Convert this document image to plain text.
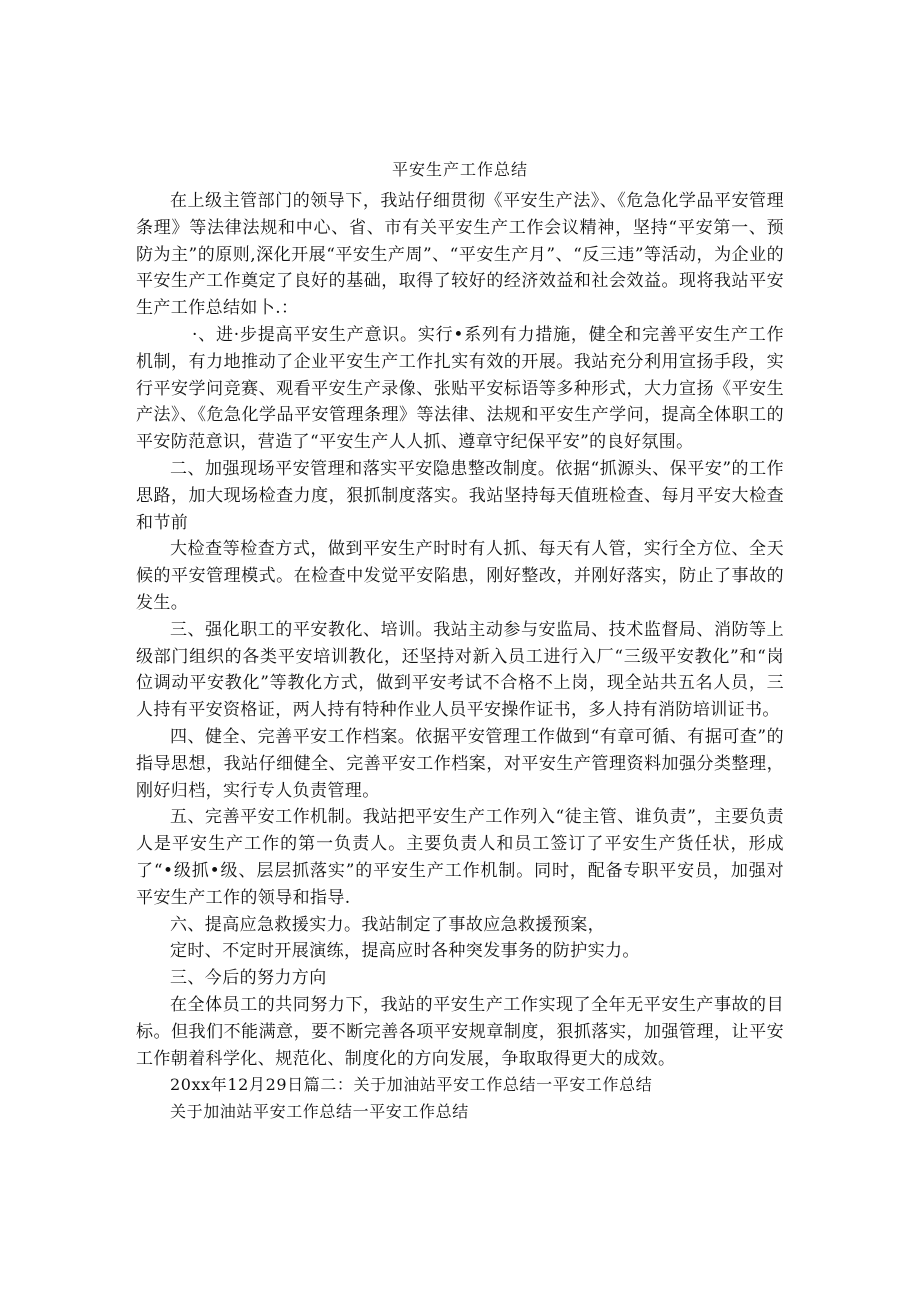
平安生产工作总结

在上级主管部门的领导下，我站仔细贯彻《平安生产法》、《危急化学品平安管理条理》等法律法规和中心、省、市有关平安生产工作会议精神，坚持“平安第一、预防为主”的原则,深化开展“平安生产周”、“平安生产月”、“反三违”等活动，为企业的平安生产工作奠定了良好的基础，取得了较好的经济效益和社会效益。现将我站平安生产工作总结如卜.：

·、进·步提高平安生产意识。实行•系列有力措施，健全和完善平安生产工作机制，有力地推动了企业平安生产工作扎实有效的开展。我站充分利用宣扬手段，实行平安学问竞赛、观看平安生产录像、张贴平安标语等多种形式，大力宣扬《平安生产法》、《危急化学品平安管理条理》等法律、法规和平安生产学问，提高全体职工的平安防范意识，营造了“平安生产人人抓、遵章守纪保平安”的良好氛围。

二、加强现场平安管理和落实平安隐患整改制度。依据“抓源头、保平安”的工作思路，加大现场检查力度，狠抓制度落实。我站坚持每天值班检查、每月平安大检查和节前

大检查等检查方式，做到平安生产时时有人抓、每天有人管，实行全方位、全天候的平安管理模式。在检查中发觉平安陷患，刚好整改，并刚好落实，防止了事故的发生。

三、强化职工的平安教化、培训。我站主动参与安监局、技术监督局、消防等上级部门组织的各类平安培训教化，还坚持对新入员工进行入厂“三级平安教化”和“岗位调动平安教化”等教化方式，做到平安考试不合格不上岗，现全站共五名人员，三人持有平安资格证，两人持有特种作业人员平安操作证书，多人持有消防培训证书。

四、健全、完善平安工作档案。依据平安管理工作做到“有章可循、有据可查”的指导思想，我站仔细健全、完善平安工作档案，对平安生产管理资料加强分类整理，刚好归档，实行专人负责管理。

五、完善平安工作机制。我站把平安生产工作列入“徒主管、谁负责”，主要负责人是平安生产工作的第一负责人。主要负责人和员工签订了平安生产货任状，形成了“•级抓•级、层层抓落实”的平安生产工作机制。同时，配备专职平安员，加强对平安生产工作的领导和指导.

六、提高应急救援实力。我站制定了事故应急救援预案，

定时、不定时开展演练，提高应时各种突发事务的防护实力。

三、今后的努力方向

在全体员工的共同努力下，我站的平安生产工作实现了全年无平安生产事故的目标。但我们不能满意，要不断完善各项平安规章制度，狠抓落实，加强管理，让平安工作朝着科学化、规范化、制度化的方向发展，争取取得更大的成效。

20xx年12月29日篇二：关于加油站平安工作总结一平安工作总结

关于加油站平安工作总结一平安工作总结
